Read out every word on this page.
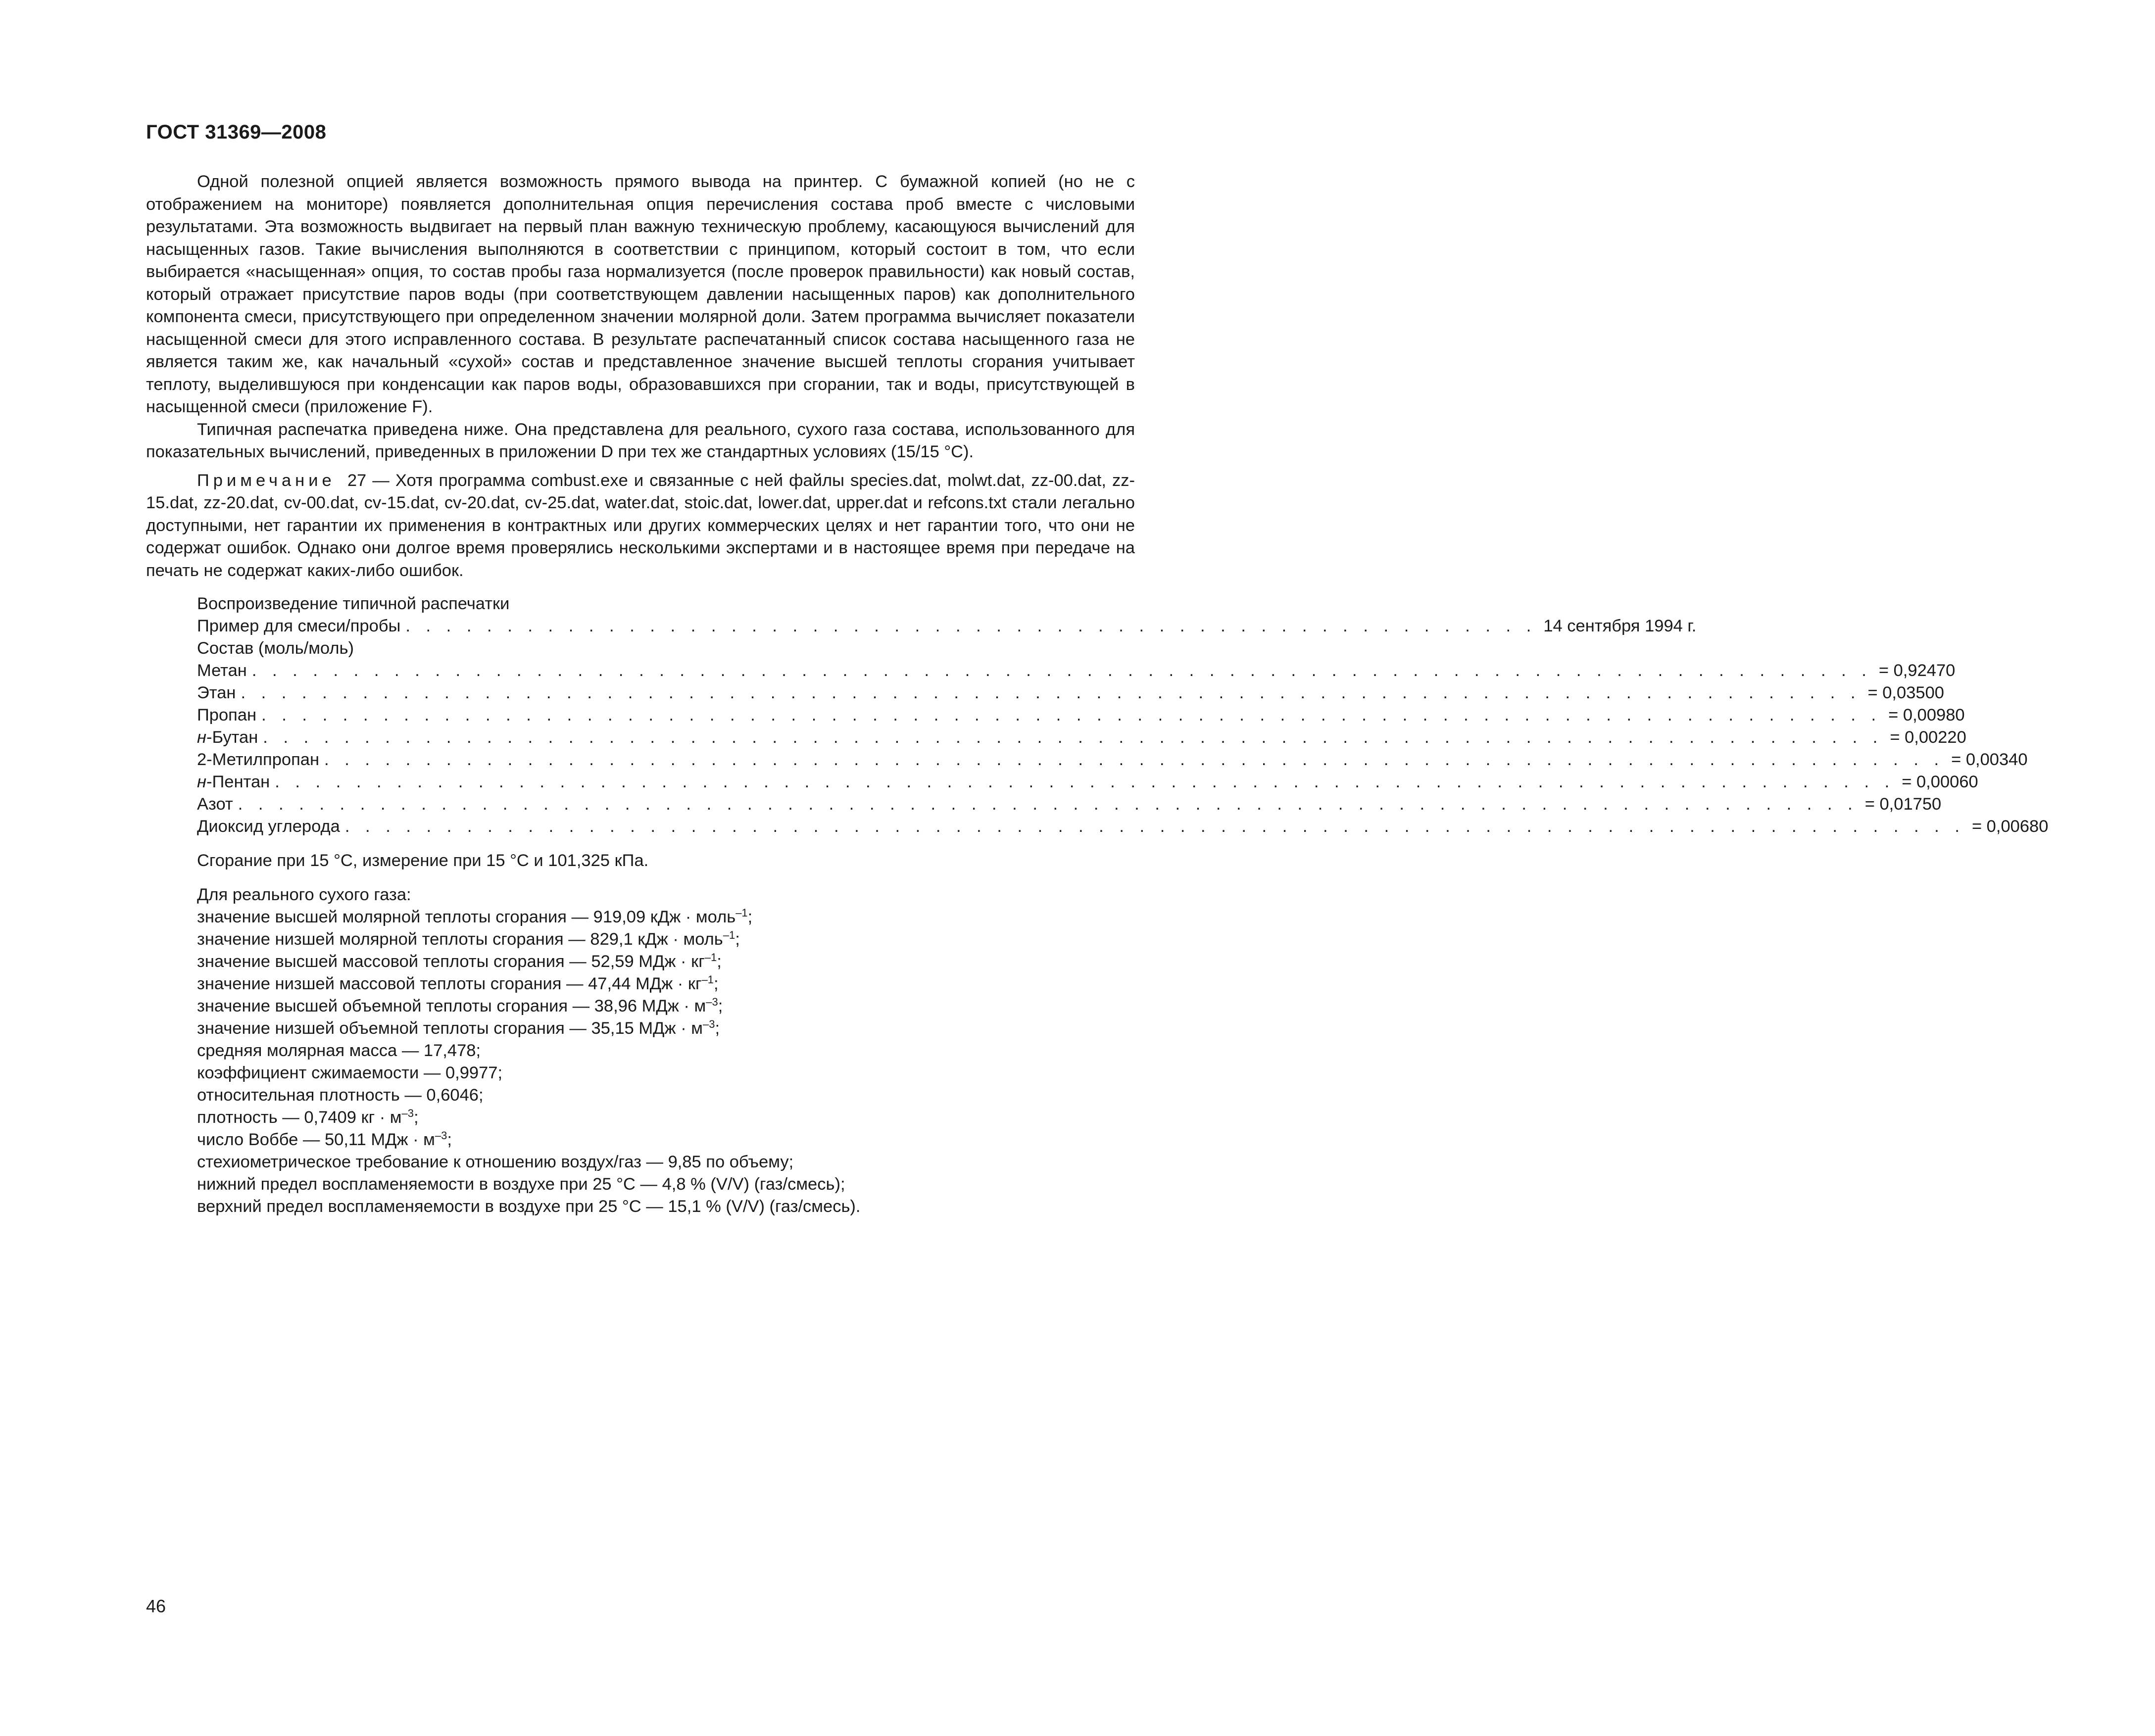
ГОСТ 31369—2008

Одной полезной опцией является возможность прямого вывода на принтер. С бумажной копией (но не с отображением на мониторе) появляется дополнительная опция перечисления состава проб вместе с числовыми результатами. Эта возможность выдвигает на первый план важную техническую проблему, касающуюся вычислений для насыщенных газов. Такие вычисления выполняются в соответствии с принципом, который состоит в том, что если выбирается «насыщенная» опция, то состав пробы газа нормализуется (после проверок правильности) как новый состав, который отражает присутствие паров воды (при соответствующем давлении насыщенных паров) как дополнительного компонента смеси, присутствующего при определенном значении молярной доли. Затем программа вычисляет показатели насыщенной смеси для этого исправленного состава. В результате распечатанный список состава насыщенного газа не является таким же, как начальный «сухой» состав и представленное значение высшей теплоты сгорания учитывает теплоту, выделившуюся при конденсации как паров воды, образовавшихся при сгорании, так и воды, присутствующей в насыщенной смеси (приложение F).

Типичная распечатка приведена ниже. Она представлена для реального, сухого газа состава, использованного для показательных вычислений, приведенных в приложении D при тех же стандартных условиях (15/15 °С).

Примечание 27 — Хотя программа combust.exe и связанные с ней файлы species.dat, molwt.dat, zz-00.dat, zz-15.dat, zz-20.dat, cv-00.dat, cv-15.dat, cv-20.dat, cv-25.dat, water.dat, stoic.dat, lower.dat, upper.dat и refcons.txt стали легально доступными, нет гарантии их применения в контрактных или других коммерческих целях и нет гарантии того, что они не содержат ошибок. Однако они долгое время проверялись несколькими экспертами и в настоящее время при передаче на печать не содержат каких-либо ошибок.

Воспроизведение типичной распечатки
Пример для смеси/пробы . . . . . . . . . . . . . . . . . . . . . . . . . . . . . . . . . . . . . . . . . . . . . . . . . . . . . . . . 14 сентября 1994 г.
Состав (моль/моль)
Метан . . . . . . . . . . . . . . . . . . . . . . . . . . . . . . . . . . . . . . . . . . . . . . . . . . . . . . . . . . . . . . . . . . . . . . . . . . . . . . . . = 0,92470
Этан . . . . . . . . . . . . . . . . . . . . . . . . . . . . . . . . . . . . . . . . . . . . . . . . . . . . . . . . . . . . . . . . . . . . . . . . . . . . . . . . = 0,03500
Пропан . . . . . . . . . . . . . . . . . . . . . . . . . . . . . . . . . . . . . . . . . . . . . . . . . . . . . . . . . . . . . . . . . . . . . . . . . . . . . . . . = 0,00980
н-Бутан . . . . . . . . . . . . . . . . . . . . . . . . . . . . . . . . . . . . . . . . . . . . . . . . . . . . . . . . . . . . . . . . . . . . . . . . . . . . . . . . = 0,00220
2-Метилпропан . . . . . . . . . . . . . . . . . . . . . . . . . . . . . . . . . . . . . . . . . . . . . . . . . . . . . . . . . . . . . . . . . . . . . . . . . . . . . . . . = 0,00340
н-Пентан . . . . . . . . . . . . . . . . . . . . . . . . . . . . . . . . . . . . . . . . . . . . . . . . . . . . . . . . . . . . . . . . . . . . . . . . . . . . . . . . = 0,00060
Азот . . . . . . . . . . . . . . . . . . . . . . . . . . . . . . . . . . . . . . . . . . . . . . . . . . . . . . . . . . . . . . . . . . . . . . . . . . . . . . . . = 0,01750
Диоксид углерода . . . . . . . . . . . . . . . . . . . . . . . . . . . . . . . . . . . . . . . . . . . . . . . . . . . . . . . . . . . . . . . . . . . . . . . . . . . . . . . . = 0,00680
Сгорание при 15 °С, измерение при 15 °С и 101,325 кПа.
Для реального сухого газа:
значение высшей молярной теплоты сгорания — 919,09 кДж · моль$^{-1}$;
значение низшей молярной теплоты сгорания — 829,1 кДж · моль$^{-1}$;
значение высшей массовой теплоты сгорания — 52,59 МДж · $кг^{-1}$;
значение низшей массовой теплоты сгорания — 47,44 МДж · $кг^{-1}$;
значение высшей объемной теплоты сгорания — 38,96 МДж · $м^{-3}$;
значение низшей объемной теплоты сгорания — 35,15 МДж · $м^{-3}$;
средняя молярная масса — 17,478;
коэффициент сжимаемости — 0,9977;
относительная плотность — 0,6046;
плотность — 0,7409 кг · $м^{-3}$;
число Воббе — 50,11 МДж · $м^{-3}$;
стехиометрическое требование к отношению воздух/газ — 9,85 по объему;
нижний предел воспламеняемости в воздухе при 25 °С — 4,8 % (V/V) (газ/смесь);
верхний предел воспламеняемости в воздухе при 25 °С — 15,1 % (V/V) (газ/смесь).
46
